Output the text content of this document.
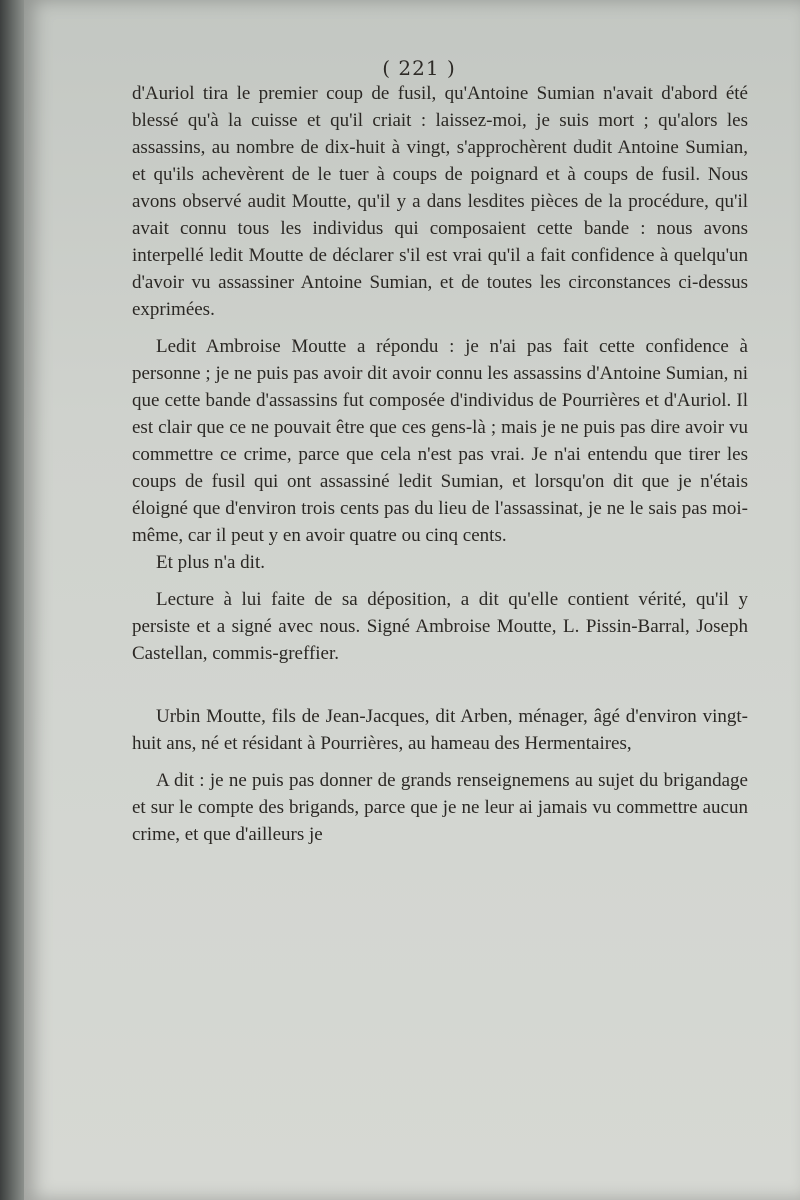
( 221 )

d'Auriol tira le premier coup de fusil, qu'Antoine Sumian n'avait d'abord été blessé qu'à la cuisse et qu'il criait : laissez-moi, je suis mort ; qu'alors les assassins, au nombre de dix-huit à vingt, s'approchèrent dudit Antoine Sumian, et qu'ils achevèrent de le tuer à coups de poignard et à coups de fusil. Nous avons observé audit Moutte, qu'il y a dans lesdites pièces de la procédure, qu'il avait connu tous les individus qui composaient cette bande : nous avons interpellé ledit Moutte de déclarer s'il est vrai qu'il a fait confidence à quelqu'un d'avoir vu assassiner Antoine Sumian, et de toutes les circonstances ci-dessus exprimées.

Ledit Ambroise Moutte a répondu : je n'ai pas fait cette confidence à personne ; je ne puis pas avoir dit avoir connu les assassins d'Antoine Sumian, ni que cette bande d'assassins fut composée d'individus de Pourrières et d'Auriol. Il est clair que ce ne pouvait être que ces gens-là ; mais je ne puis pas dire avoir vu commettre ce crime, parce que cela n'est pas vrai. Je n'ai entendu que tirer les coups de fusil qui ont assassiné ledit Sumian, et lorsqu'on dit que je n'étais éloigné que d'environ trois cents pas du lieu de l'assassinat, je ne le sais pas moi-même, car il peut y en avoir quatre ou cinq cents.

Et plus n'a dit.

Lecture à lui faite de sa déposition, a dit qu'elle contient vérité, qu'il y persiste et a signé avec nous. Signé Ambroise Moutte, L. Pissin-Barral, Joseph Castellan, commis-greffier.

Urbin Moutte, fils de Jean-Jacques, dit Arben, ménager, âgé d'environ vingt-huit ans, né et résidant à Pourrières, au hameau des Hermentaires,

A dit : je ne puis pas donner de grands renseignemens au sujet du brigandage et sur le compte des brigands, parce que je ne leur ai jamais vu commettre aucun crime, et que d'ailleurs je
